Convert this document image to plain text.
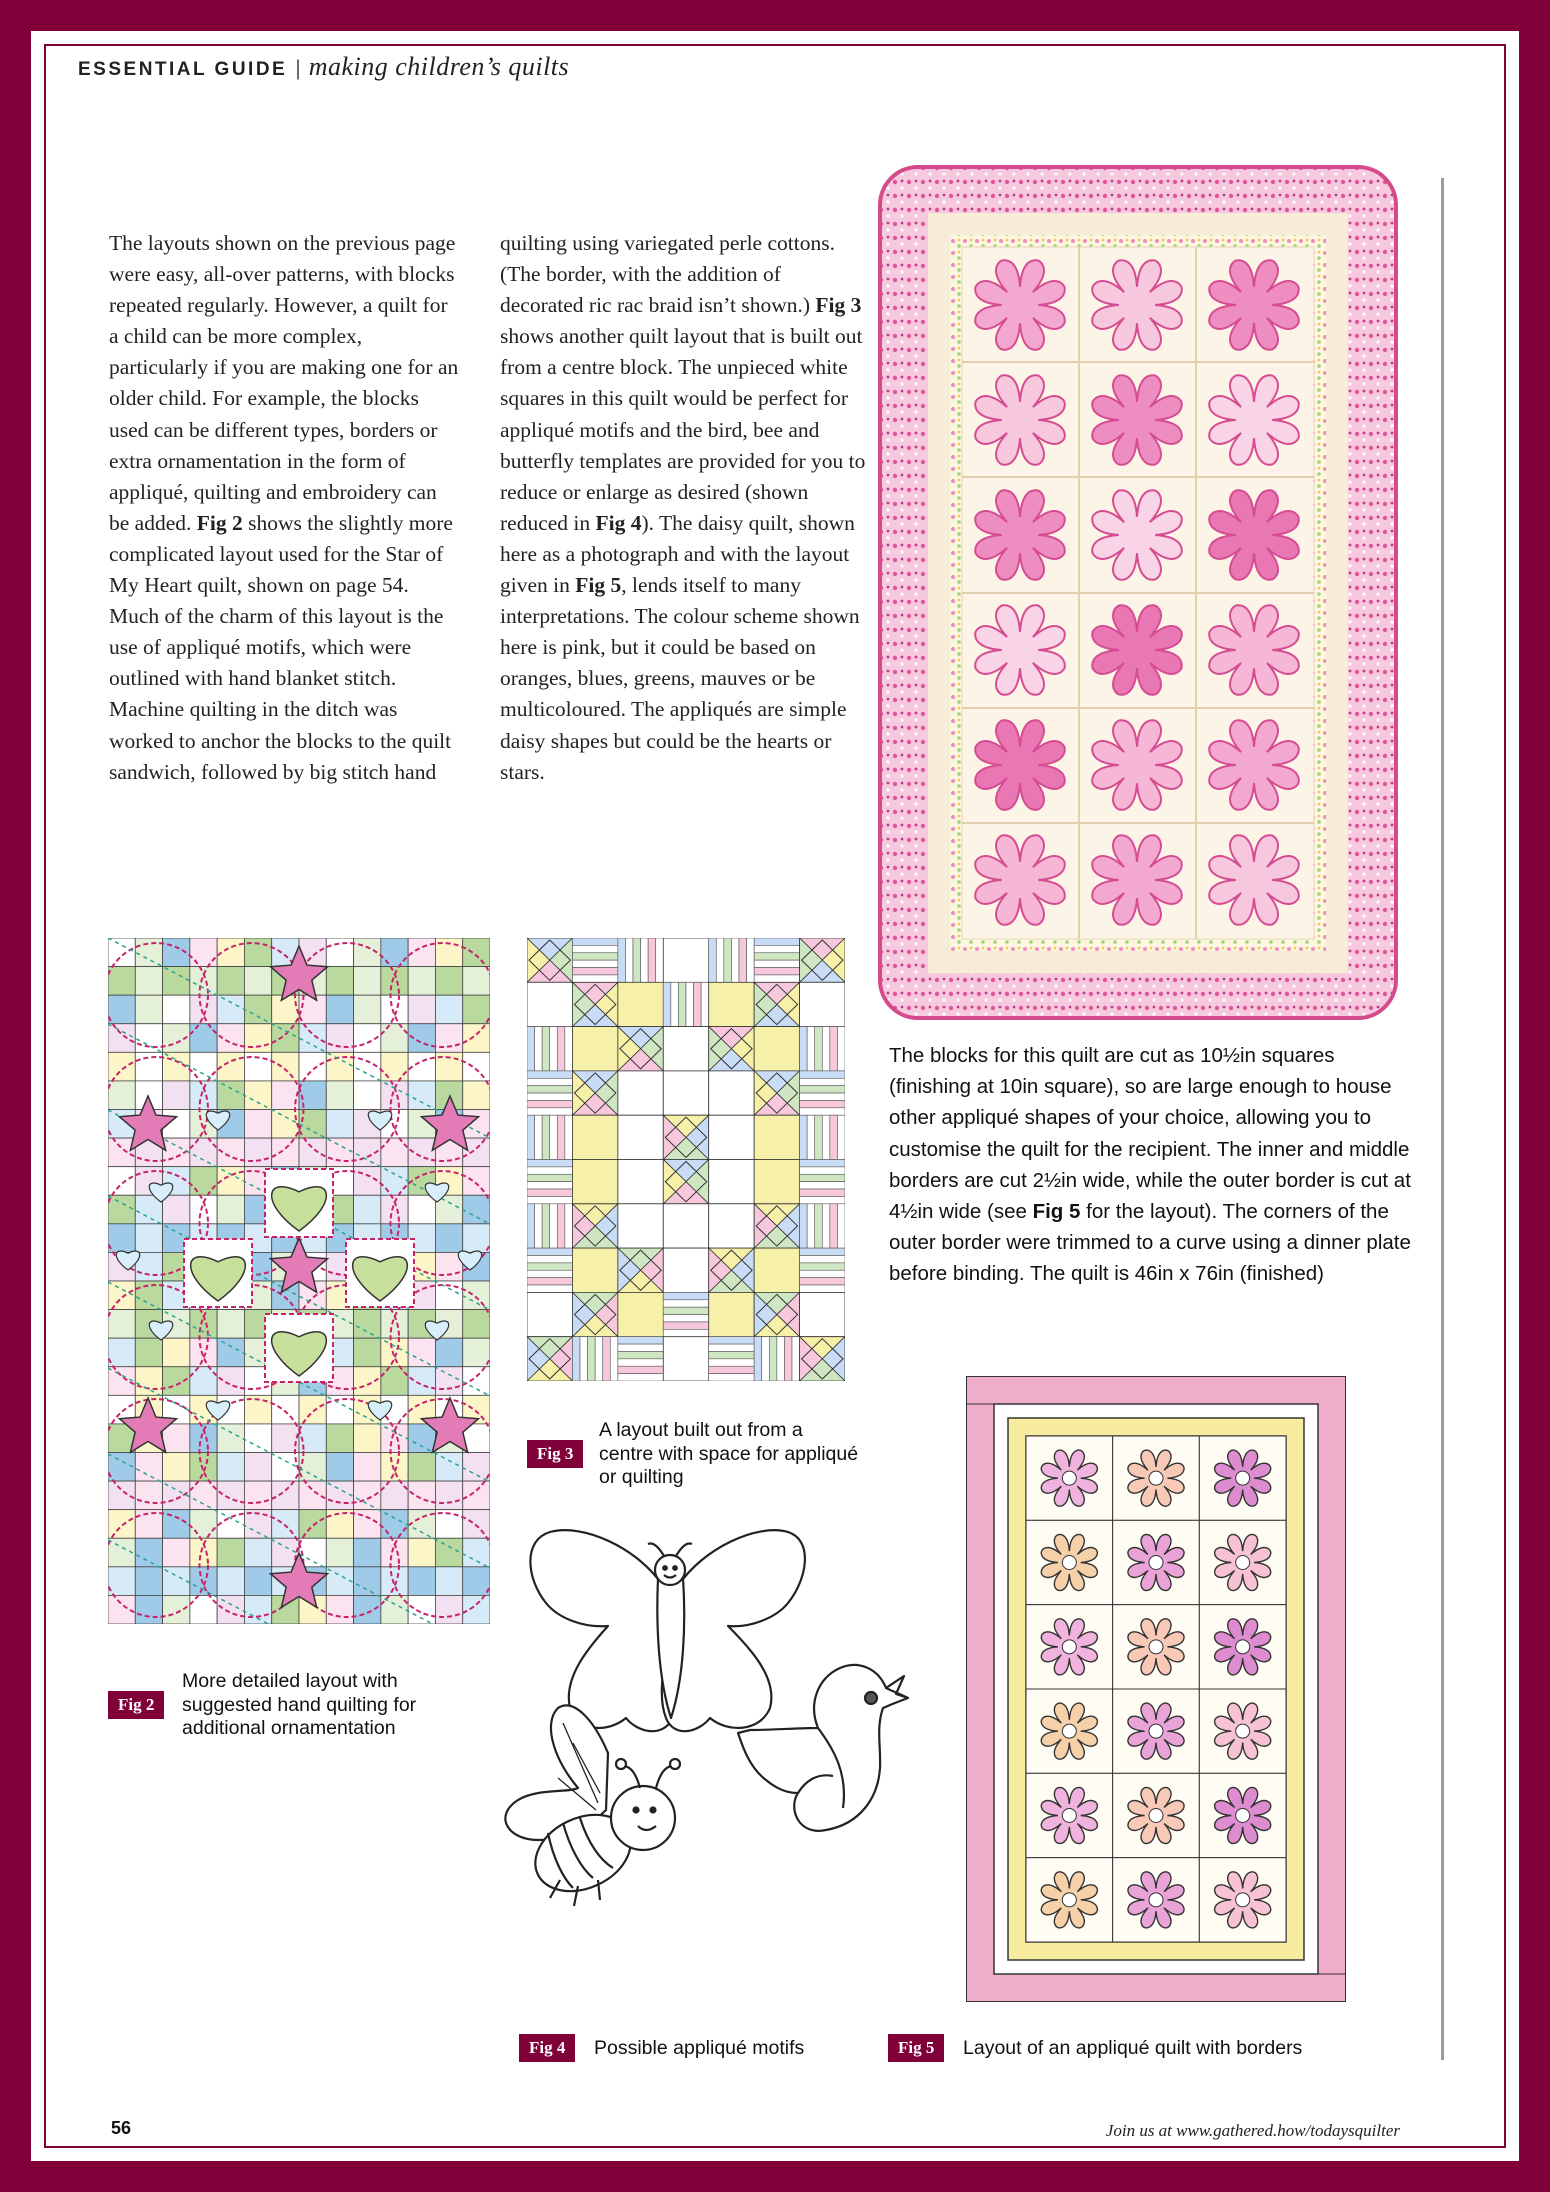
ESSENTIAL GUIDE | making children’s quilts

The layouts shown on the previous page were easy, all-over patterns, with blocks repeated regularly. However, a quilt for a child can be more complex, particularly if you are making one for an older child. For example, the blocks used can be different types, borders or extra ornamentation in the form of appliqué, quilting and embroidery can be added. Fig 2 shows the slightly more complicated layout used for the Star of My Heart quilt, shown on page 54. Much of the charm of this layout is the use of appliqué motifs, which were outlined with hand blanket stitch. Machine quilting in the ditch was worked to anchor the blocks to the quilt sandwich, followed by big stitch hand

quilting using variegated perle cottons. (The border, with the addition of decorated ric rac braid isn’t shown.) Fig 3 shows another quilt layout that is built out from a centre block. The unpieced white squares in this quilt would be perfect for appliqué motifs and the bird, bee and butterfly templates are provided for you to reduce or enlarge as desired (shown reduced in Fig 4). The daisy quilt, shown here as a photograph and with the layout given in Fig 5, lends itself to many interpretations. The colour scheme shown here is pink, but it could be based on oranges, blues, greens, mauves or be multicoloured. The appliqués are simple daisy shapes but could be the hearts or stars.

The blocks for this quilt are cut as 10½in squares (finishing at 10in square), so are large enough to house other appliqué shapes of your choice, allowing you to customise the quilt for the recipient. The inner and middle borders are cut 2½in wide, while the outer border is cut at 4½in wide (see Fig 5 for the layout). The corners of the outer border were trimmed to a curve using a dinner plate before binding. The quilt is 46in x 76in (finished)
Fig 2
More detailed layout with suggested hand quilting for additional ornamentation
Fig 3
A layout built out from a centre with space for appliqué or quilting
Fig 4	Possible appliqué motifs	Fig 5	Layout of an appliqué quilt with borders
56	Join us at www.gathered.how/todaysquilter
